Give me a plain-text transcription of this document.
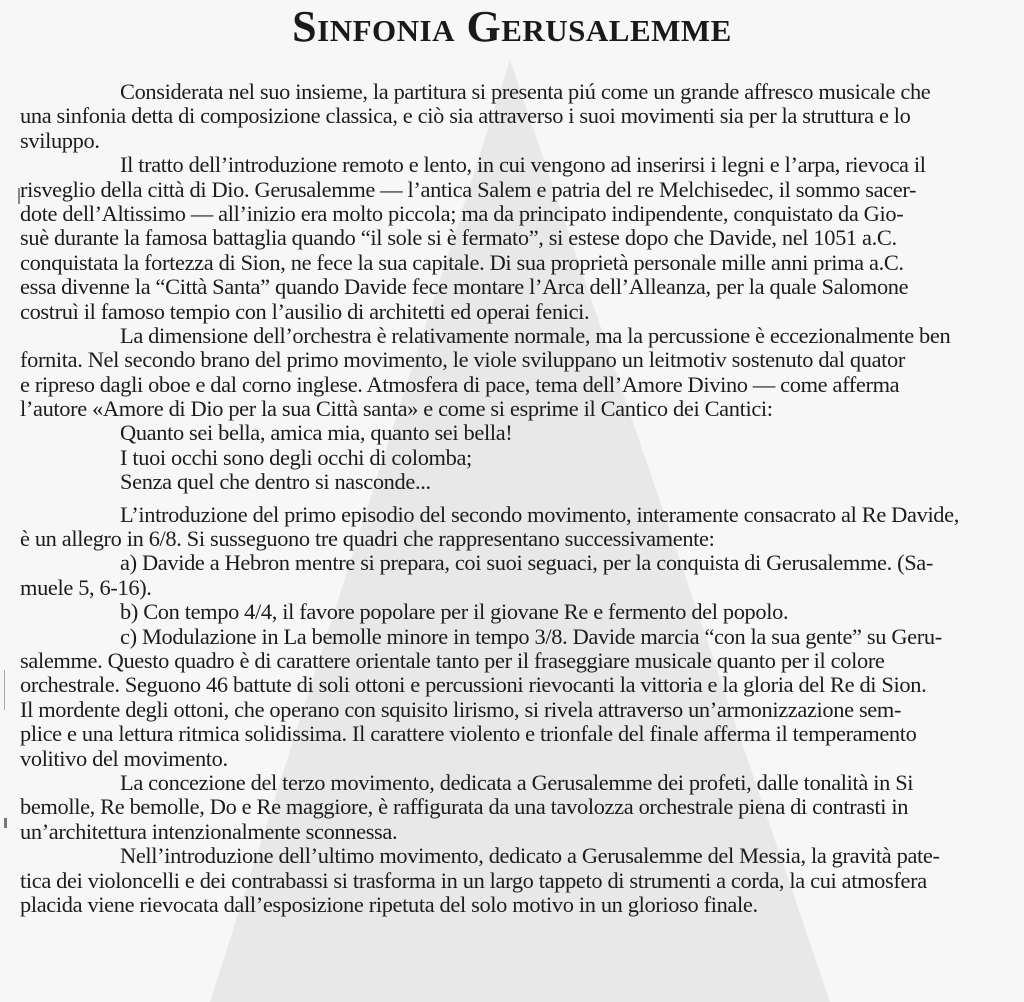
Sinfonia Gerusalemme
Considerata nel suo insieme, la partitura si presenta piú come un grande affresco musicale che
una sinfonia detta di composizione classica, e ciò sia attraverso i suoi movimenti sia per la struttura e lo
sviluppo.
Il tratto dell’introduzione remoto e lento, in cui vengono ad inserirsi i legni e l’arpa, rievoca il
risveglio della città di Dio. Gerusalemme — l’antica Salem e patria del re Melchisedec, il sommo sacer-
dote dell’Altissimo — all’inizio era molto piccola; ma da principato indipendente, conquistato da Gio-
suè durante la famosa battaglia quando “il sole si è fermato”, si estese dopo che Davide, nel 1051 a.C.
conquistata la fortezza di Sion, ne fece la sua capitale. Di sua proprietà personale mille anni prima a.C.
essa divenne la “Città Santa” quando Davide fece montare l’Arca dell’Alleanza, per la quale Salomone
costruì il famoso tempio con l’ausilio di architetti ed operai fenici.
La dimensione dell’orchestra è relativamente normale, ma la percussione è eccezionalmente ben
fornita. Nel secondo brano del primo movimento, le viole sviluppano un leitmotiv sostenuto dal quator
e ripreso dagli oboe e dal corno inglese. Atmosfera di pace, tema dell’Amore Divino — come afferma
l’autore «Amore di Dio per la sua Città santa» e come si esprime il Cantico dei Cantici:
Quanto sei bella, amica mia, quanto sei bella!
I tuoi occhi sono degli occhi di colomba;
Senza quel che dentro si nasconde...
L’introduzione del primo episodio del secondo movimento, interamente consacrato al Re Davide,
è un allegro in 6/8. Si susseguono tre quadri che rappresentano successivamente:
a) Davide a Hebron mentre si prepara, coi suoi seguaci, per la conquista di Gerusalemme. (Sa-
muele 5, 6-16).
b) Con tempo 4/4, il favore popolare per il giovane Re e fermento del popolo.
c) Modulazione in La bemolle minore in tempo 3/8. Davide marcia “con la sua gente” su Geru-
salemme. Questo quadro è di carattere orientale tanto per il fraseggiare musicale quanto per il colore
orchestrale. Seguono 46 battute di soli ottoni e percussioni rievocanti la vittoria e la gloria del Re di Sion.
Il mordente degli ottoni, che operano con squisito lirismo, si rivela attraverso un’armonizzazione sem-
plice e una lettura ritmica solidissima. Il carattere violento e trionfale del finale afferma il temperamento
volitivo del movimento.
La concezione del terzo movimento, dedicata a Gerusalemme dei profeti, dalle tonalità in Si
bemolle, Re bemolle, Do e Re maggiore, è raffigurata da una tavolozza orchestrale piena di contrasti in
un’architettura intenzionalmente sconnessa.
Nell’introduzione dell’ultimo movimento, dedicato a Gerusalemme del Messia, la gravità pate-
tica dei violoncelli e dei contrabassi si trasforma in un largo tappeto di strumenti a corda, la cui atmosfera
placida viene rievocata dall’esposizione ripetuta del solo motivo in un glorioso finale.
